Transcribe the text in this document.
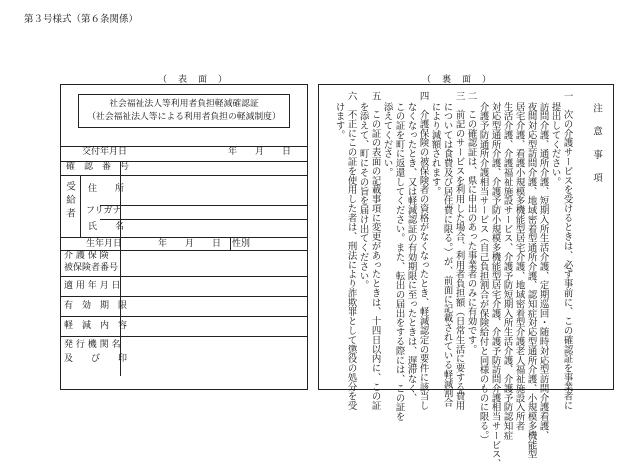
第３号様式（第６条関係）
（　表　面　）
社会福祉法人等利用者負担軽減確認証
（社会福祉法人等による利用者負担の軽減制度）
交付年月日	年　　月　　日
確　認　番　号
受給者 住　　所
フリガナ
氏　　名
生年月日	年　　月　　日 性別
介 護 保 険
被保険者番号
適 用 年 月 日
有　効　期　限
軽　減　内　容
発 行 機 関 名
及　　び　　印
（　裏　面　）
注　意　事　項
一　次の介護サービスを受けるときは、必ず事前に、この確認証を事業者に
提出してください。
訪問介護、通所介護、短期入所生活介護、定期巡回・随時対応型訪問介護看護、
夜間対応型訪問介護、地域密着型通所介護、認知症対応型通所介護、小規模多機能型
居宅介護、看護小規模多機能型居宅介護、地域密着型介護老人福祉施設入所者
生活介護、介護福祉施設サービス、介護予防短期入所生活介護、介護予防認知症
対応型通所介護、介護予防小規模多機能型居宅介護、介護予防訪問介護相当サービス、
介護予防通所介護相当サービス（自己負担割合が保険給付と同様のものに限る。）
二　この確認証は、県に申出のあった事業者のみに有効です。
三　前記のサービスを利用した場合、利用者負担額（日常生活に要する費用
については食費及び居住費に限る。）が、前面に記載されている軽減割合
により減額されます。
四　介護保険の被保険者の資格がなくなったとき、軽減認定の要件に該当し
なくなったとき、又は軽減認証の有効期限に至ったときは、遅滞なく、
この証を町に返還してください。また、転出の届出をする際には、この証を
添えてください。
五　この証の表面の記載事項に変更があったときは、十四日以内に、この証
を添えて、町にその旨を届け出てください。
六　不正にこの証を使用した者は、刑法により詐欺罪として懲役の処分を受
けます。
